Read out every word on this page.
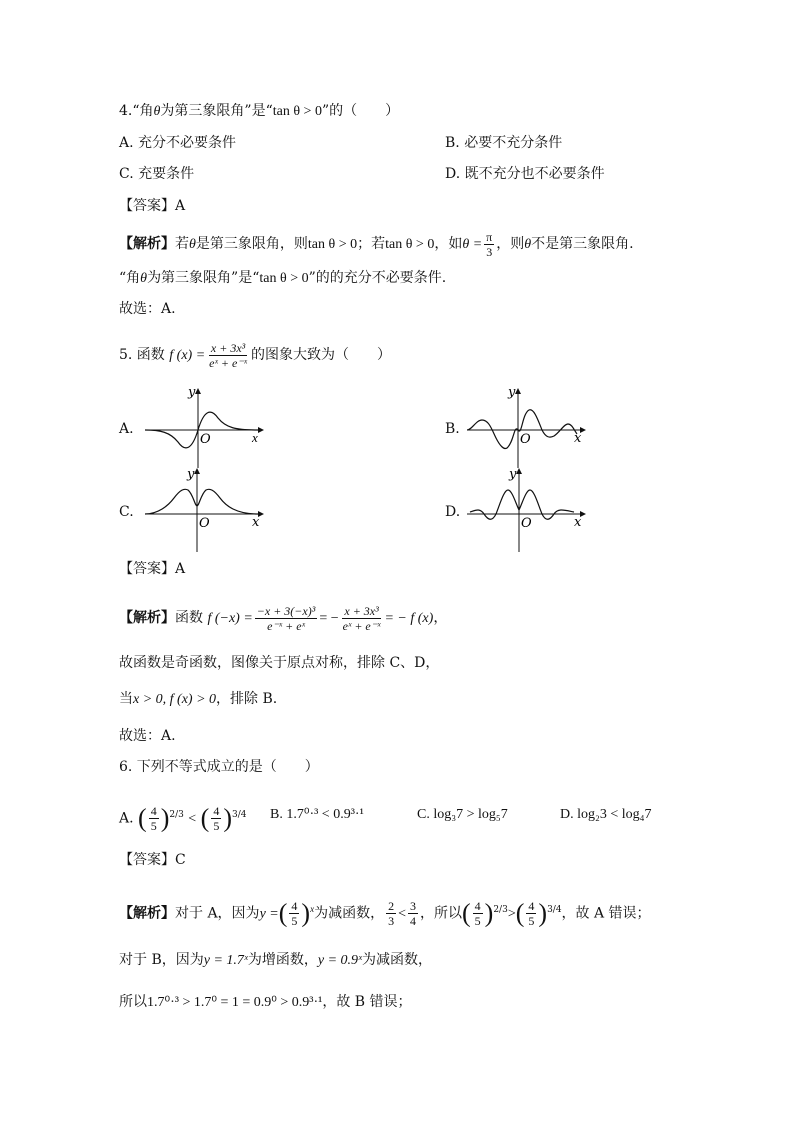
4.“角θ为第三象限角”是“tan θ > 0”的（　　）
A. 充分不必要条件	B. 必要不充分条件
C. 充要条件	D. 既不充分也不必要条件
【答案】A
【解析】若θ是第三象限角，则tan θ > 0；若tan θ > 0，如$\theta = \frac{\pi}{3}$ ，则θ不是第三象限角.
“角θ为第三象限角”是“tan θ > 0”的的充分不必要条件.
故选：A.
5. 函数 f $(x) = \frac{\text{x + 3x³}}{\text{eˣ + e⁻ˣ}}$ 的图象大致为（　　）
A.	B.
C.	D.
x
y
O	x
y
O
x
y
O	x
y
O
【答案】A
【解析】函数 f $(-x) = \frac{\text{−x + 3(−x)³}}{\text{e⁻ˣ + eˣ}}$ = − $\frac{\text{x + 3x³}}{\text{eˣ + e⁻ˣ}}$ = − f (x)，
故函数是奇函数，图像关于原点对称，排除 C、D，
当x > 0, f (x) > 0，排除 B.
故选：A.
6. 下列不等式成立的是（　　）
A. ( $\frac{4}{5} )^{2/3}$ < ( $\frac{4}{5} )^{3/4}$ B. 1.7⁰·³ < 0.9³·¹	C. log₃7 > log₅7	D. log₂3 < log₄7
【答案】C
【解析】对于 A，因为y =( $\frac{4}{5} )^x$为减函数， $\frac{2}{3} < \frac{3}{4}$ ，所以( $\frac{4}{5} )^{2/3}>( \frac{4}{5} )^{3/4}$，故 A 错误；
对于 B，因为y = 1.7ˣ为增函数，y = 0.9ˣ为减函数，
所以1.7⁰·³ > 1.7⁰ = 1 = 0.9⁰ > 0.9³·¹，故 B 错误；
